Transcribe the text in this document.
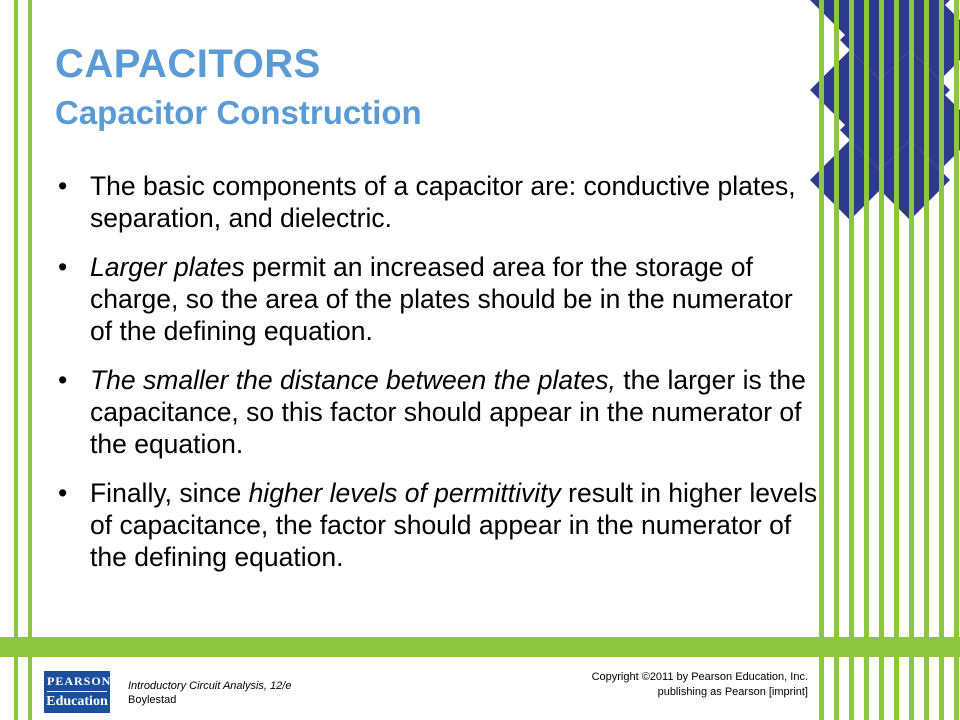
CAPACITORS
Capacitor Construction
• The basic components of a capacitor are: conductive plates, separation, and dielectric.
• Larger plates permit an increased area for the storage of charge, so the area of the plates should be in the numerator of the defining equation.
• The smaller the distance between the plates, the larger is the capacitance, so this factor should appear in the numerator of the equation.
• Finally, since higher levels of permittivity result in higher levels of capacitance, the factor should appear in the numerator of the defining equation.
PEARSON
Education
Introductory Circuit Analysis, 12/e
Boylestad
Copyright ©2011 by Pearson Education, Inc.
publishing as Pearson [imprint]
